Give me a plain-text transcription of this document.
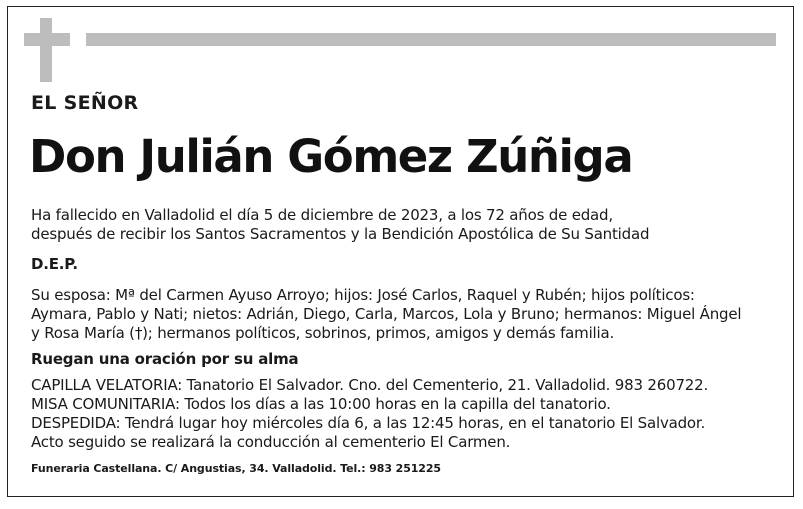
EL SEÑOR
Don Julián Gómez Zúñiga
Ha fallecido en Valladolid el día 5 de diciembre de 2023, a los 72 años de edad,
después de recibir los Santos Sacramentos y la Bendición Apostólica de Su Santidad
D.E.P.
Su esposa: Mª del Carmen Ayuso Arroyo; hijos: José Carlos, Raquel y Rubén; hijos políticos:
Aymara, Pablo y Nati; nietos: Adrián, Diego, Carla, Marcos, Lola y Bruno; hermanos: Miguel Ángel
y Rosa María (†); hermanos políticos, sobrinos, primos, amigos y demás familia.
Ruegan una oración por su alma
CAPILLA VELATORIA: Tanatorio El Salvador. Cno. del Cementerio, 21. Valladolid. 983 260722.
MISA COMUNITARIA: Todos los días a las 10:00 horas en la capilla del tanatorio.
DESPEDIDA: Tendrá lugar hoy miércoles día 6, a las 12:45 horas, en el tanatorio El Salvador.
Acto seguido se realizará la conducción al cementerio El Carmen.
Funeraria Castellana. C/ Angustias, 34. Valladolid. Tel.: 983 251225
